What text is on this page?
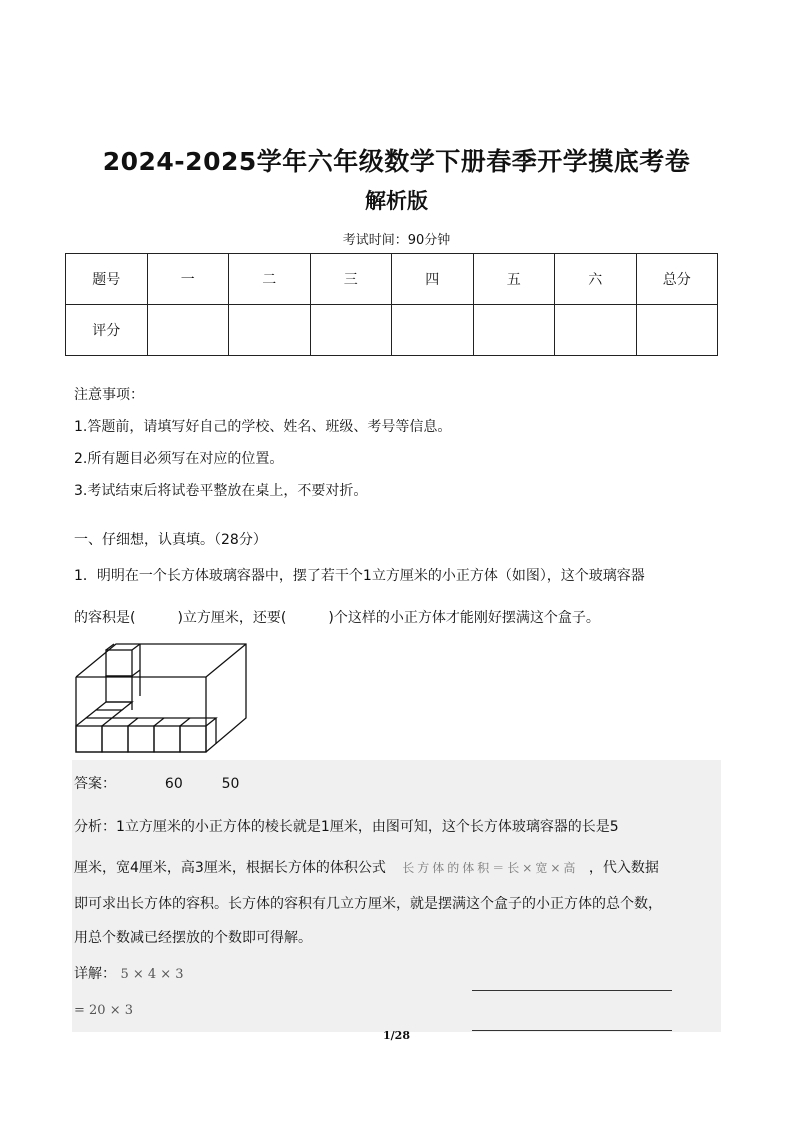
2024-2025学年六年级数学下册春季开学摸底考卷
解析版
考试时间：90分钟
题号	一	二	三	四	五	六	总分
评分							
注意事项：
1.答题前，请填写好自己的学校、姓名、班级、考号等信息。
2.所有题目必须写在对应的位置。
3.考试结束后将试卷平整放在桌上，不要对折。
一、仔细想，认真填。（28分）
1．明明在一个长方体玻璃容器中，摆了若干个1立方厘米的小正方体（如图），这个玻璃容器
的容积是(　　　)立方厘米，还要(　　　)个这样的小正方体才能刚好摆满这个盒子。
答案：	60	50
分析：1立方厘米的小正方体的棱长就是1厘米，由图可知，这个长方体玻璃容器的长是5
厘米，宽4厘米，高3厘米，根据长方体的体积公式 长方体的体积＝长×宽×高 ，代入数据
即可求出长方体的容积。长方体的容积有几立方厘米，就是摆满这个盒子的小正方体的总个数，
用总个数减已经摆放的个数即可得解。
详解： 5 × 4 × 3
= 20 × 3
1/28
